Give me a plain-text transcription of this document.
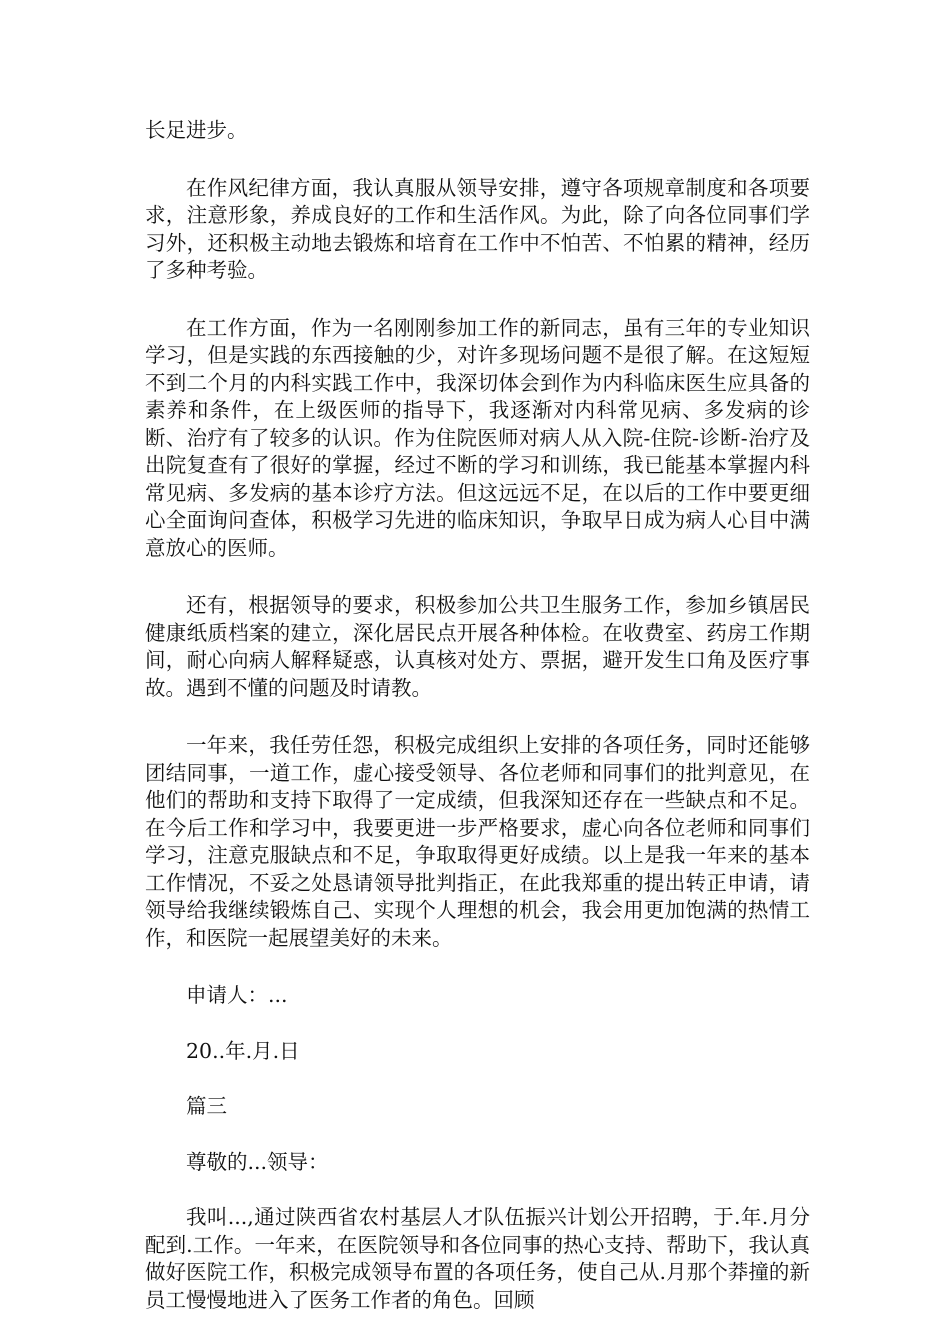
长足进步。

在作风纪律方面，我认真服从领导安排，遵守各项规章制度和各项要求，注意形象，养成良好的工作和生活作风。为此，除了向各位同事们学习外，还积极主动地去锻炼和培育在工作中不怕苦、不怕累的精神，经历了多种考验。

在工作方面，作为一名刚刚参加工作的新同志，虽有三年的专业知识学习，但是实践的东西接触的少，对许多现场问题不是很了解。在这短短不到二个月的内科实践工作中，我深切体会到作为内科临床医生应具备的素养和条件，在上级医师的指导下，我逐渐对内科常见病、多发病的诊断、治疗有了较多的认识。作为住院医师对病人从入院-住院-诊断-治疗及出院复查有了很好的掌握，经过不断的学习和训练，我已能基本掌握内科常见病、多发病的基本诊疗方法。但这远远不足，在以后的工作中要更细心全面询问查体，积极学习先进的临床知识，争取早日成为病人心目中满意放心的医师。

还有，根据领导的要求，积极参加公共卫生服务工作，参加乡镇居民健康纸质档案的建立，深化居民点开展各种体检。在收费室、药房工作期间，耐心向病人解释疑惑，认真核对处方、票据，避开发生口角及医疗事故。遇到不懂的问题及时请教。

一年来，我任劳任怨，积极完成组织上安排的各项任务，同时还能够团结同事，一道工作，虚心接受领导、各位老师和同事们的批判意见，在他们的帮助和支持下取得了一定成绩，但我深知还存在一些缺点和不足。在今后工作和学习中，我要更进一步严格要求，虚心向各位老师和同事们学习，注意克服缺点和不足，争取取得更好成绩。以上是我一年来的基本工作情况，不妥之处恳请领导批判指正，在此我郑重的提出转正申请，请领导给我继续锻炼自己、实现个人理想的机会，我会用更加饱满的热情工作，和医院一起展望美好的未来。

申请人：...

20..年.月.日

篇三

尊敬的...领导：

我叫...,通过陕西省农村基层人才队伍振兴计划公开招聘，于.年.月分配到.工作。一年来，在医院领导和各位同事的热心支持、帮助下，我认真做好医院工作，积极完成领导布置的各项任务，使自己从.月那个莽撞的新员工慢慢地进入了医务工作者的角色。回顾
